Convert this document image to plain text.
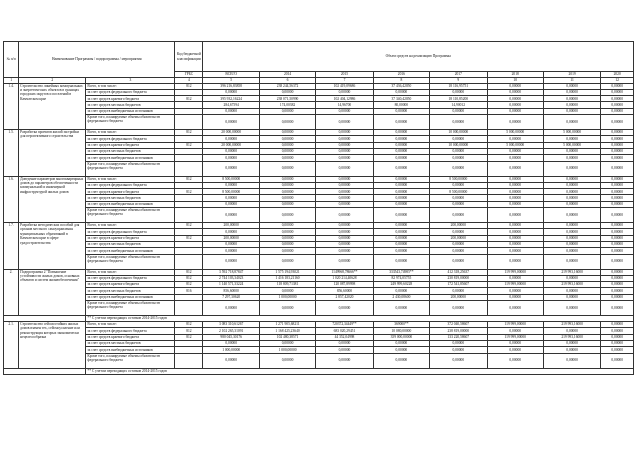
№ п/п	Наименование Программы / подпрограммы / мероприятия		Код бюджетной классификации	Объем средств на реализацию Программы							
			ГРБС	ВСЕГО	2014	2015	2016	2017	2018	2019	2020
1	2	3	4	5	6	7	8	9	10	11	12
1.4.	Строительство линейных коммунальных и энергетических объектов в границах городских округов и поселений в Камчатском крае	Всего, в том числе:	812	396 216,83858	238 244,56372	102 419,09686	37 436,42050	18 116,95751	0,00000	0,00000	0,00000
		за счет средств федерального бюджета		0,00000	0,00000	0,00000	0,00000	0,00000	0,00000	0,00000	0,00000
		за счет средств краевого бюджета	812	395 932,16224	238 071,50990	102 404,12986	37 340,42050	18 110,85200	0,00000	0,00000	0,00000
		за счет средств местных бюджетов		284,67594	174,00382	14,96700	80,00000	14,90012	0,00000	0,00000	0,00000
		за счет средств внебюджетных источников		0,00000	0,00000	0,00000	0,00000	0,00000	0,00000	0,00000	0,00000
		Кроме того, планируемые объемы обязательств федерального бюджета		0,00000	0,00000	0,00000	0,00000	0,00000	0,00000	0,00000	0,00000
1.5.	Разработка проектов жилой застройки для перспективного строительства	Всего, в том числе:	812	20 000,00000	0,00000	0,00000	0,00000	10 000,00000	5 000,00000	5 000,00000	0,00000
		за счет средств федерального бюджета		0,00000	0,00000	0,00000	0,00000	0,00000	0,00000	0,00000	0,00000
		за счет средств краевого бюджета	812	20 000,00000	0,00000	0,00000	0,00000	10 000,00000	5 000,00000	5 000,00000	0,00000
		за счет средств местных бюджетов		0,00000	0,00000	0,00000	0,00000	0,00000	0,00000	0,00000	0,00000
		за счет средств внебюджетных источников		0,00000	0,00000	0,00000	0,00000	0,00000	0,00000	0,00000	0,00000
		Кроме того, планируемые объемы обязательств федерального бюджета		0,00000	0,00000	0,00000	0,00000	0,00000	0,00000	0,00000	0,00000
1.6.	Доведение параметров многоквартирных домов до параметров обеспеченности коммунальной и инженерной инфраструктурой жилых домов	Всего, в том числе:	812	8 500,00000	0,00000	0,00000	0,00000	8 500,00000	0,00000	0,00000	0,00000
		за счет средств федерального бюджета		0,00000	0,00000	0,00000	0,00000	0,00000	0,00000	0,00000	0,00000
		за счет средств краевого бюджета	812	8 500,00000	0,00000	0,00000	0,00000	8 500,00000	0,00000	0,00000	0,00000
		за счет средств местных бюджетов		0,00000	0,00000	0,00000	0,00000	0,00000	0,00000	0,00000	0,00000
		за счет средств внебюджетных источников		0,00000	0,00000	0,00000	0,00000	0,00000	0,00000	0,00000	0,00000
		Кроме того, планируемые объемы обязательств федерального бюджета		0,00000	0,00000	0,00000	0,00000	0,00000	0,00000	0,00000	0,00000
1.7.	Разработка методических пособий для органов местного самоуправления муниципальных образований в Камчатском крае в сфере градостроительства	Всего, в том числе:	812	200,00000	0,00000	0,00000	0,00000	200,00000	0,00000	0,00000	0,00000
		за счет средств федерального бюджета		0,00000	0,00000	0,00000	0,00000	0,00000	0,00000	0,00000	0,00000
		за счет средств краевого бюджета	812	200,00000	0,00000	0,00000	0,00000	200,00000	0,00000	0,00000	0,00000
		за счет средств местных бюджетов		0,00000	0,00000	0,00000	0,00000	0,00000	0,00000	0,00000	0,00000
		за счет средств внебюджетных источников		0,00000	0,00000	0,00000	0,00000	0,00000	0,00000	0,00000	0,00000
		Кроме того, планируемые объемы обязательств федерального бюджета		0,00000	0,00000	0,00000	0,00000	0,00000	0,00000	0,00000	0,00000
2.	Подпрограмма 2 "Повышение устойчивости жилых домов, основных объектов и систем жизнеобеспечения"	Всего, в том числе:	812	3 592 718,87847	1 575 194,93021	1149968,78666**	333543,74985**	412 318,25637	119 999,00000	219 993,16000	0,00000
		за счет средств федерального бюджета	812	2 744 103,34023	1 416 183,21160	1 020 214,40628	82 974,05755	230 819,00000	0,00000	0,00000	0,00000
		за счет средств краевого бюджета	812	1 140 571,33224	118 809,71381	120 087,89998	249 999,60228	172 541,85607	119 999,00000	219 993,16000	0,00000
		за счет средств местных бюджетов	816	856,60000	0,00000	856,60000	0,00000	0,00000	0,00000	0,00000	0,00000
		за счет средств внебюджетных источников		7 297,30620	1 000,00000	2 857,42020	2 430,08600	200,00000	0,00000	0,00000	0,00000
		Кроме того, планируемые объемы обязательств федерального бюджета		0,00000	0,00000	0,00000	0,00000	0,00000	0,00000	0,00000	0,00000
		** С учетом переходящих остатков 2014-2015 годов									
2.1.	Строительство сейсмостойких жилых домов взамен тех, сейсмоусиление или реконструкция которых экономически нецелесообразна	Всего, в том числе:	812	3 083 310,61267	1 271 905,68211	720372,34449**	369000**	372 040,58607	119 999,00000	219 993,16000	0,00000
		за счет средств федерального бюджета	812	2 102 265,31091	1 168 425,23640	683 020,29451	10 080,00000	238 819,00000	0,00000	0,00000	0,00000
		за счет средств краевого бюджета	812	980 045,30176	102 480,38571	44 352,04998	359 000,00000	133 220,58607	119 999,00000	219 993,16000	0,00000
		за счет средств местных бюджетов		0,00000	0,00000	0,00000	0,00000	0,00000	0,00000	0,00000	0,00000
		за счет средств внебюджетных источников		1 000,00000	1 000,00000	0,00000	0,00000	0,00000	0,00000	0,00000	0,00000
		Кроме того, планируемые объемы обязательств федерального бюджета		0,00000	0,00000	0,00000	0,00000	0,00000	0,00000	0,00000	0,00000
		** С учетом переходящих остатков 2014-2015 годов									
